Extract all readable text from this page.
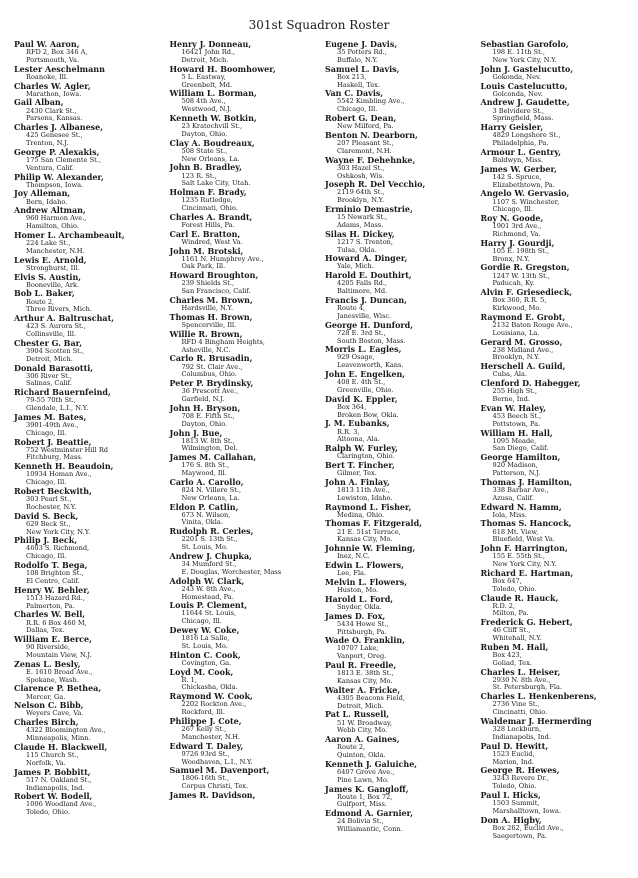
301st Squadron Roster
Paul W. Aaron,
RFD 2, Box 346 A,
Portsmouth, Va.
Lester Aeschelmann
Roanoke, Ill.
Charles W. Agler,
Marathon, Iowa.
Gail Alban,
2430 Clark St.,
Parsons, Kansas.
Charles J. Albanese,
425 Genesee St.,
Trenton, N.J.
George P. Alexakis,
175 San Clemente St.,
Ventura, Calif.
Philip W. Alexander,
Thompson, Iowa.
Joy Alleman,
Bern, Idaho.
Andrew Altman,
960 Harmon Ave.,
Hamilton, Ohio.
Homer L. Archambeault,
224 Lake St.,
Manchester, N.H.
Lewis E. Arnold,
Stronghurst, Ill.
Elvis S. Austin,
Booneville, Ark.
Bob L. Baker,
Route 2,
Three Rivers, Mich.
Arthur A. Baltruschat,
423 S. Aurora St.,
Collinsville, Ill.
Chester G. Bar,
3904 Scotten St.,
Detroit, Mich.
Donald Barasotti,
306 River St.,
Salinas, Calif.
Richard Bauernfeind,
79-55 70th St.,
Glendale, L.I., N.Y.
James M. Bates,
3901-49th Ave.,
Chicago, Ill.
Robert J. Beattie,
752 Westminster Hill Rd
Fitchburg, Mass.
Kenneth H. Beaudoin,
10934 Homan Ave.,
Chicago, Ill.
Robert Beckwith,
303 Pearl St.,
Rochester, N.Y.
David S. Beck,
629 Beck St.,
New York City, N.Y.
Philip J. Beck,
4603 S. Richmond,
Chicago, Ill.
Rodolfo T. Bega,
108 Brighton St.,
El Centro, Calif.
Henry W. Behler,
1513 Hazard Rd.,
Palmerton, Pa.
Charles W. Bell,
R.R. 6 Box 460 M,
Dallas, Tex.
William E. Berce,
90 Riverside,
Mountain View, N.J.
Zenas L. Besly,
E. 1610 Broad Ave.,
Spokane, Wash.
Clarence P. Bethea,
Mercer, Ga.
Nelson C. Bibb,
Weyers Cave, Va.
Charles Birch,
4322 Bloomington Ave.,
Minneapolis, Minn.
Claude H. Blackwell,
115 Church St.,
Norfolk, Va.
James P. Bobbitt,
517 N. Oakland St.,
Indianapolis, Ind.
Robert W. Bodell,
1006 Woodland Ave.,
Toledo, Ohio.
Henry J. Donneau,
16421 John Rd.,
Detroit, Mich.
Howard H. Boomhower,
5 L. Eastway,
Greenbelt, Md.
William L. Borman,
508 4th Ave.,
Westwood, N.J.
Kenneth W. Botkin,
23 Kratochvill St.,
Dayton, Ohio.
Clay A. Boudreaux,
508 State St.,
New Orleans, La.
John B. Bradley,
123 R. St.,
Salt Lake City, Utah.
Holman F. Brady,
1235 Rutledge,
Cincinnati, Ohio.
Charles A. Brandt,
Forest Hills, Pa.
Carl E. Bratton,
Windred, West Va.
John M. Brotski,
1161 N. Humphrey Ave.,
Oak Park, Ill.
Howard Broughton,
239 Shields St.,
San Francisco, Calif.
Charles M. Brown,
Hardsville, N.Y.
Thomas H. Brown,
Spencerville, Ill.
Willie R. Brown,
RFD 4 Bingham Heights,
Asheville, N.C.
Carlo R. Brusadin,
792 St. Clair Ave.,
Columbus, Ohio.
Peter P. Brydinsky,
36 Prescott Ave.,
Garfield, N.J.
John H. Bryson,
708 E. Fifth St.,
Dayton, Ohio.
John J. Bue,
1813 W. 8th St.,
Wilmington, Del.
James M. Callahan,
176 S. 8th St.,
Maywood, Ill.
Carlo A. Carollo,
824 N. Villere St.,
New Orleans, La.
Eldon P. Catlin,
673 N. Wilson,
Vinita, Okla.
Rudolph R. Cerles,
2201 S. 13th St.,
St. Louis, Mo.
Andrew J. Chupka,
34 Mumford St.,
E. Douglas, Worchester, Mass
Adolph W. Clark,
243 W. 8th Ave.,
Homestead, Pa.
Louis P. Clement,
11644 St. Louis,
Chicago, Ill.
Dewey W. Coke,
1816 La Salle,
St. Louis, Mo.
Hinton C. Cook,
Covington, Ga.
Loyd M. Cook,
R. 1,
Chickasha, Okla.
Raymond W. Cook,
2202 Rockton Ave.,
Rockford, Ill.
Philippe J. Cote,
267 Kelly St.,
Manchester, N.H.
Edward T. Daley,
9726 93rd St.,
Woodhaven, L.I., N.Y.
Samuel M. Davenport,
1806-16th St.,
Corpus Christi, Tex.
James R. Davidson,
Eugene J. Davis,
35 Potters Rd.,
Buffalo, N.Y.
Samuel L. Davis,
Box 213,
Haskell, Tex.
Van C. Davis,
5542 Kimbling Ave.,
Chicago, Ill.
Robert G. Dean,
New Milford, Pa.
Benton N. Dearborn,
207 Pleasant St.,
Claremont, N.H.
Wayne F. Dehehnke,
303 Hazel St.,
Oshkosh, Wis.
Joseph R. Del Vecchio,
2119 64th St.,
Brooklyn, N.Y.
Erminio Demastrie,
15 Newark St.,
Adams, Mass.
Silas H. Dickey,
1217 S. Trenton,
Tulsa, Okla.
Howard A. Dinger,
Yale, Mich.
Harold E. Douthirt,
4205 Falls Rd.,
Baltimore, Md.
Francis J. Duncan,
Route 4,
Janesville, Wisc.
George H. Dunford,
728 E. 3rd St.,
South Boston, Mass.
Morris L. Eagles,
929 Osage,
Leavenworth, Kans.
John E. Engelken,
408 E. 4th St.,
Greenville, Ohio.
David K. Eppler,
Box 364,
Broken Bow, Okla.
J. M. Eubanks,
R.R. 3,
Altoona, Ala.
Ralph W. Furley,
Clarington, Ohio.
Bert T. Fincher,
Gilmer, Tex.
John A. Finlay,
1813 11th Ave.,
Lewiston, Idaho.
Raymond L. Fisher,
Medina, Ohio.
Thomas F. Fitzgerald,
21 E. 51st Terrace,
Kansas City, Mo.
Johnnie W. Fleming,
Inez, N.C.
Edwin L. Flowers,
Lee, Fla.
Melvin L. Flowers,
Huston, Mo.
Harold L. Ford,
Snyder, Okla.
James D. Fox,
5434 Howe St.,
Pittsburgh, Pa.
Wade O. Franklin,
10707 Lake,
Vanport, Oreg.
Paul R. Freedle,
1813 E. 38th St.,
Kansas City, Mo.
Walter A. Fricke,
4305 Beacons Field,
Detroit, Mich.
Pat L. Russell,
51 W. Broadway,
Webb City, Mo.
Aaron A. Gaines,
Route 2,
Quinton, Okla.
Kenneth J. Galuiche,
6407 Grove Ave.,
Pine Lawn, Mo.
James K. Gangloff,
Route 1, Box 72,
Gulfport, Miss.
Edmond A. Garnier,
24 Bolivia St.,
Williamantic, Conn.
Sebastian Garofolo,
198 E. 11th St.,
New York City, N.Y.
John J. Gastelucutto,
Gokonda, Nev.
Louis Castelucutto,
Golconda, Nev.
Andrew J. Gaudette,
3 Belvidere St.,
Springfield, Mass.
Harry Geisler,
4829 Longshore St.,
Philadelphia, Pa.
Armour L. Gentry,
Baldwyn, Miss.
James W. Gerber,
142 S. Spruce,
Elizabethtown, Pa.
Angelo W. Gervasio,
1107 S. Winchester,
Chicago, Ill.
Roy N. Goode,
1901 3rd Ave.,
Richmond, Va.
Harry J. Gourdji,
105 E. 198th St.,
Bronx, N.Y.
Gordie R. Gregston,
1247 W. 13th St.,
Paducah, Ky.
Alvin F. Griesedieck,
Box 360, R.R. 5,
Kirkwood, Mo.
Raymond E. Grobt,
2132 Baton Rouge Ave.,
Louisiana, La.
Gerard M. Grosso,
238 Midland Ave.,
Brooklyn, N.Y.
Herschell A. Guild,
Cuba, Ala.
Clenford D. Habegger,
255 High St.,
Berne, Ind.
Evan W. Haley,
453 Beech St.,
Pottstown, Pa.
William H. Hall,
1095 Meade,
San Diego, Calif.
George Hamilton,
920 Madison,
Patterson, N.J.
Thomas J. Hamilton,
338 Barbar Ave.,
Azusa, Calif.
Edward N. Hamm,
Iola, Miss.
Thomas S. Hancock,
618 Mt. View,
Bluefield, West Va.
John F. Harrington,
155 E. 55th St.,
New York City, N.Y.
Richard E. Hartman,
Box 647,
Toledo, Ohio.
Claude R. Hauck,
R.D. 2,
Milton, Pa.
Frederick G. Hebert,
46 Cliff St.,
Whitehall, N.Y.
Ruben M. Hall,
Box 423,
Goliad, Tex.
Charles L. Heiser,
2930 N. 8th Ave.,
St. Petersburgh, Fla.
Charles L. Henkenberens,
2736 Vine St.,
Cincinatti, Ohio.
Waldemar J. Hermerding
328 Lockburn,
Indianapolis, Ind.
Paul D. Hewitt,
1523 Euclid,
Marion, Ind.
George R. Hewes,
3243 Revere Dr.,
Toledo, Ohio.
Paul I. Hicks,
1503 Summit,
Marshalltown, Iowa.
Don A. Higby,
Box 262, Euclid Ave.,
Saegertown, Pa.
